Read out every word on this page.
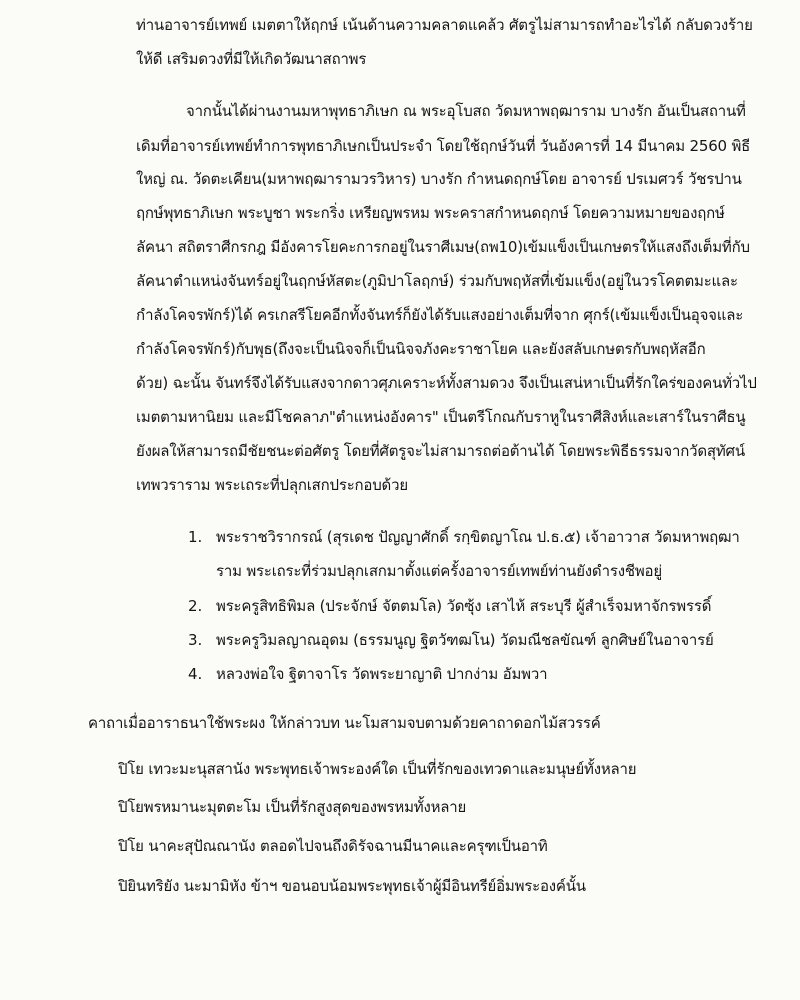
ท่านอาจารย์เทพย์ เมตตาให้ฤกษ์ เน้นด้านความคลาดแคล้ว ศัตรูไม่สามารถทำอะไรได้ กลับดวงร้าย
ให้ดี เสริมดวงที่มีให้เกิดวัฒนาสถาพร
จากนั้นได้ผ่านงานมหาพุทธาภิเษก ณ พระอุโบสถ วัดมหาพฤฒาราม บางรัก อันเป็นสถานที่
เดิมที่อาจารย์เทพย์ทำการพุทธาภิเษกเป็นประจำ โดยใช้ฤกษ์วันที่ วันอังคารที่ 14 มีนาคม 2560 พิธี
ใหญ่ ณ. วัดตะเคียน(มหาพฤฒารามวรวิหาร) บางรัก กำหนดฤกษ์โดย อาจารย์ ปรเมศวร์ วัชรปาน
ฤกษ์พุทธาภิเษก พระบูชา พระกริ่ง เหรียญพรหม พระคราสกำหนดฤกษ์ โดยความหมายของฤกษ์
ลัคนา สถิตราศีกรกฎ มีอังคารโยคะการกอยู่ในราศีเมษ(ถพ10)เข้มแข็งเป็นเกษตรให้แสงถึงเต็มที่กับ
ลัคนาตำแหน่งจันทร์อยู่ในฤกษ์หัสตะ(ภูมิปาโลฤกษ์) ร่วมกับพฤหัสที่เข้มแข็ง(อยู่ในวรโคตตมะและ
กำลังโคจรพักร์)ได้ ครเกสรีโยคอีกทั้งจันทร์ก็ยังได้รับแสงอย่างเต็มที่จาก ศุกร์(เข้มแข็งเป็นอุจจและ
กำลังโคจรพักร์)กับพุธ(ถึงจะเป็นนิจจก็เป็นนิจจภังคะราชาโยค และยังสลับเกษตรกับพฤหัสอีก
ด้วย) ฉะนั้น จันทร์จึงได้รับแสงจากดาวศุภเคราะห์ทั้งสามดวง จึงเป็นเสน่หาเป็นที่รักใคร่ของคนทั่วไป
เมตตามหานิยม และมีโชคลาภ"ตำแหน่งอังคาร" เป็นตรีโกณกับราหูในราศีสิงห์และเสาร์ในราศีธนู
ยังผลให้สามารถมีชัยชนะต่อศัตรู โดยที่ศัตรูจะไม่สามารถต่อต้านได้ โดยพระพิธีธรรมจากวัดสุทัศน์
เทพวราราม พระเถระที่ปลุกเสกประกอบด้วย
1. พระราชวิรากรณ์ (สุรเดช ปัญญาศักดิ์ รกฺขิตญาโณ ป.ธ.๕) เจ้าอาวาส วัดมหาพฤฒา
ราม พระเถระที่ร่วมปลุกเสกมาตั้งแต่ครั้งอาจารย์เทพย์ท่านยังดำรงชีพอยู่
2. พระครูสิทธิพิมล (ประจักษ์ จัตตมโล) วัดซุ้ง เสาไห้ สระบุรี ผู้สำเร็จมหาจักรพรรดิ์
3. พระครูวิมลญาณอุดม (ธรรมนูญ ฐิตวัฑฒโน) วัดมณีชลขัณฑ์ ลูกศิษย์ในอาจารย์
4. หลวงพ่อใจ ฐิตาจาโร วัดพระยาญาติ ปากง่าม อัมพวา
คาถาเมื่ออาราธนาใช้พระผง ให้กล่าวบท นะโมสามจบตามด้วยคาถาดอกไม้สวรรค์
ปิโย เทวะมะนุสสานัง พระพุทธเจ้าพระองค์ใด เป็นที่รักของเทวดาและมนุษย์ทั้งหลาย
ปิโยพรหมานะมุตตะโม เป็นที่รักสูงสุดของพรหมทั้งหลาย
ปิโย นาคะสุปัณณานัง ตลอดไปจนถึงดิรัจฉานมีนาคและครุฑเป็นอาทิ
ปิยินทริยัง นะมามิหัง ข้าฯ ขอนอบน้อมพระพุทธเจ้าผู้มีอินทรีย์อิ่มพระองค์นั้น
